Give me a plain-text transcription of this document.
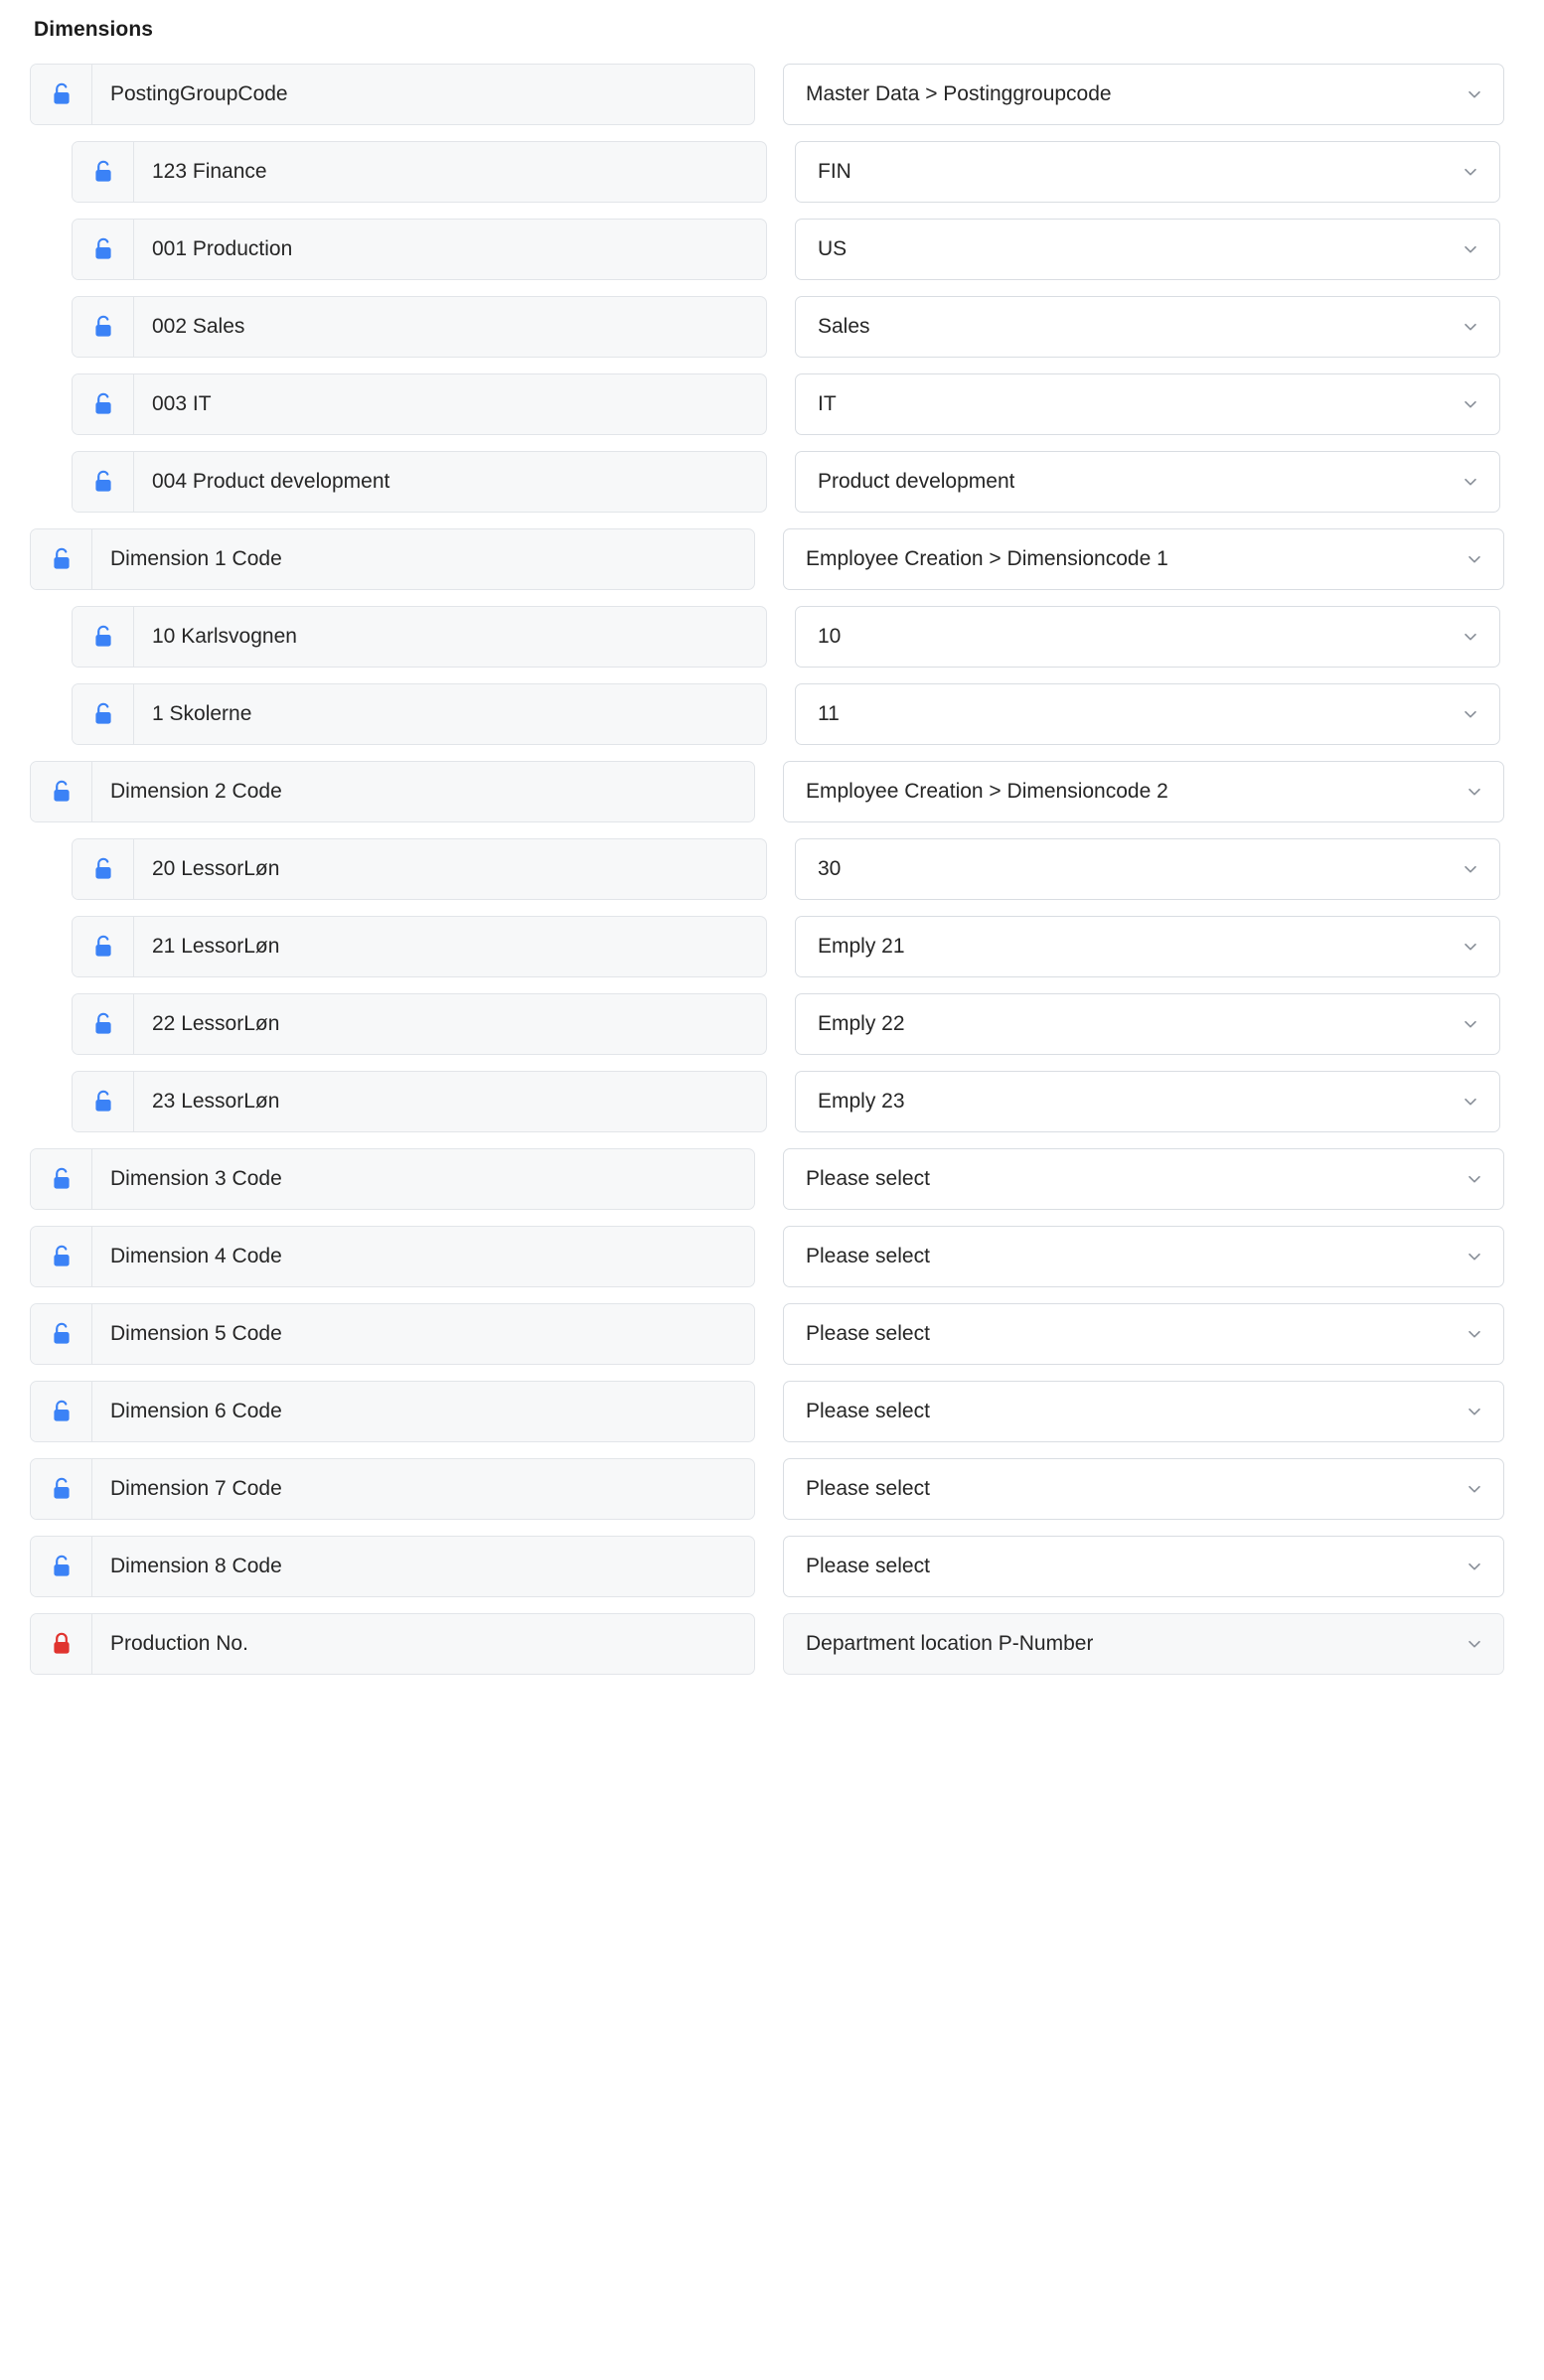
Dimensions
PostingGroupCode	Master Data > Postinggroupcode
123 Finance	FIN
001 Production	US
002 Sales	Sales
003 IT	IT
004 Product development	Product development
Dimension 1 Code	Employee Creation > Dimensioncode 1
10 Karlsvognen	10
1 Skolerne	11
Dimension 2 Code	Employee Creation > Dimensioncode 2
20 LessorLøn	30
21 LessorLøn	Emply 21
22 LessorLøn	Emply 22
23 LessorLøn	Emply 23
Dimension 3 Code	Please select
Dimension 4 Code	Please select
Dimension 5 Code	Please select
Dimension 6 Code	Please select
Dimension 7 Code	Please select
Dimension 8 Code	Please select
Production No.	Department location P-Number
